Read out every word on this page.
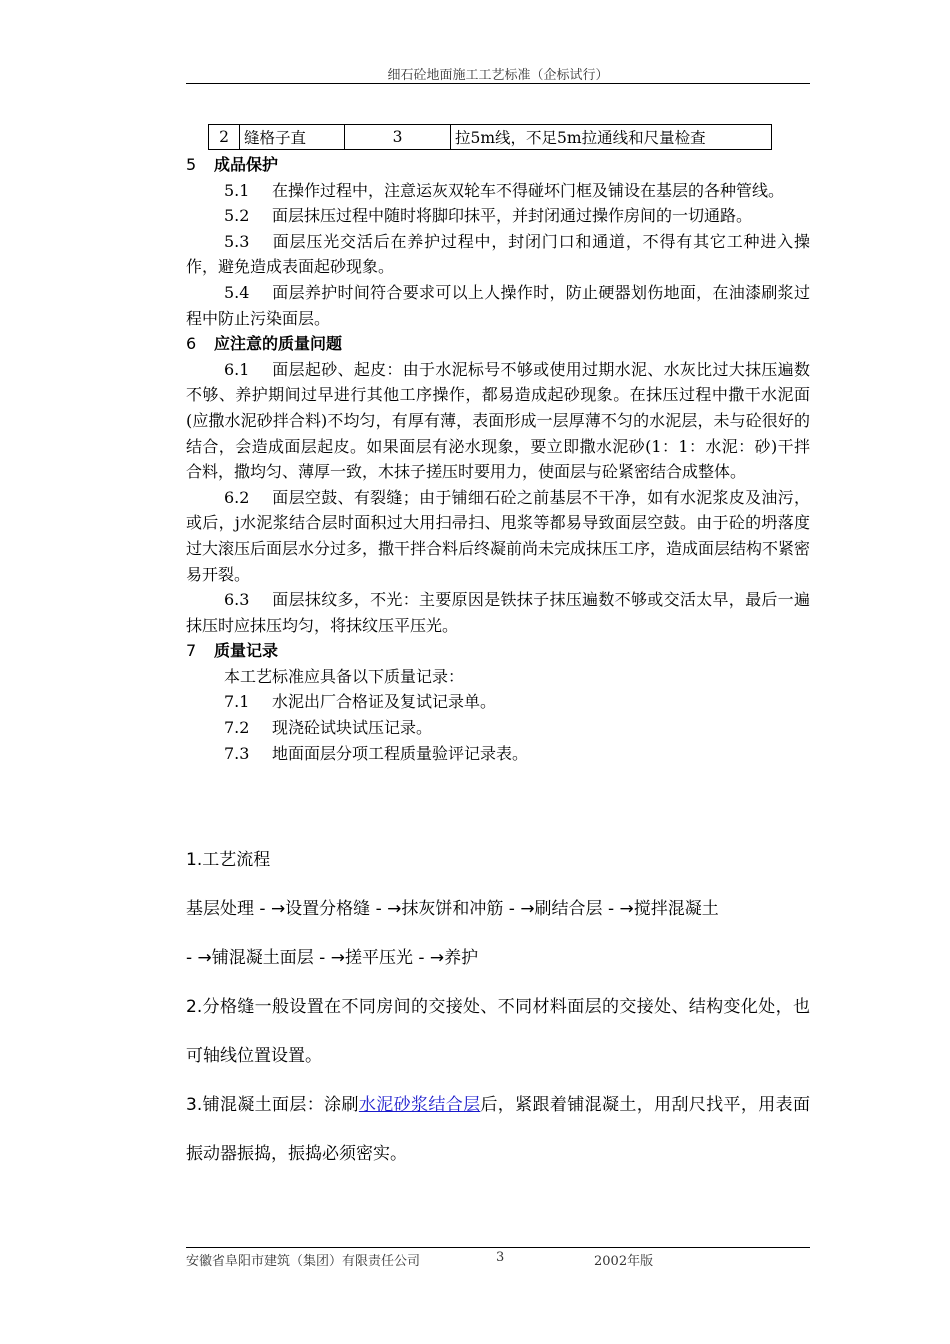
细石砼地面施工工艺标准（企标试行）
2	缝格子直	3	拉5m线，不足5m拉通线和尺量检查

5 成品保护

5.1 在操作过程中，注意运灰双轮车不得碰坏门框及铺设在基层的各种管线。

5.2 面层抹压过程中随时将脚印抹平，并封闭通过操作房间的一切通路。

5.3 面层压光交活后在养护过程中，封闭门口和通道，不得有其它工种进入操作，避免造成表面起砂现象。

5.4 面层养护时间符合要求可以上人操作时，防止硬器划伤地面，在油漆刷浆过程中防止污染面层。

6 应注意的质量问题

6.1 面层起砂、起皮：由于水泥标号不够或使用过期水泥、水灰比过大抹压遍数不够、养护期间过早进行其他工序操作，都易造成起砂现象。在抹压过程中撒干水泥面(应撒水泥砂拌合料)不均匀，有厚有薄，表面形成一层厚薄不匀的水泥层，未与砼很好的结合，会造成面层起皮。如果面层有泌水现象，要立即撒水泥砂(1：1：水泥：砂)干拌合料，撒均匀、薄厚一致，木抹子搓压时要用力，使面层与砼紧密结合成整体。

6.2 面层空鼓、有裂缝；由于铺细石砼之前基层不干净，如有水泥浆皮及油污，或后，j水泥浆结合层时面积过大用扫帚扫、甩浆等都易导致面层空鼓。由于砼的坍落度过大滚压后面层水分过多，撒干拌合料后终凝前尚未完成抹压工序，造成面层结构不紧密易开裂。

6.3 面层抹纹多，不光：主要原因是铁抹子抹压遍数不够或交活太早，最后一遍抹压时应抹压均匀，将抹纹压平压光。

7 质量记录

本工艺标准应具备以下质量记录：

7.1 水泥出厂合格证及复试记录单。

7.2 现浇砼试块试压记录。

7.3 地面面层分项工程质量验评记录表。

1.工艺流程

基层处理 - →设置分格缝 - →抹灰饼和冲筋 - →刷结合层 - →搅拌混凝土

- →铺混凝土面层 - →搓平压光 - →养护

2.分格缝一般设置在不同房间的交接处、不同材料面层的交接处、结构变化处，也可轴线位置设置。

3.铺混凝土面层：涂刷水泥砂浆结合层后，紧跟着铺混凝土，用刮尺找平，用表面振动器振捣，振捣必须密实。

安徽省阜阳市建筑（集团）有限责任公司	3	2002年版
